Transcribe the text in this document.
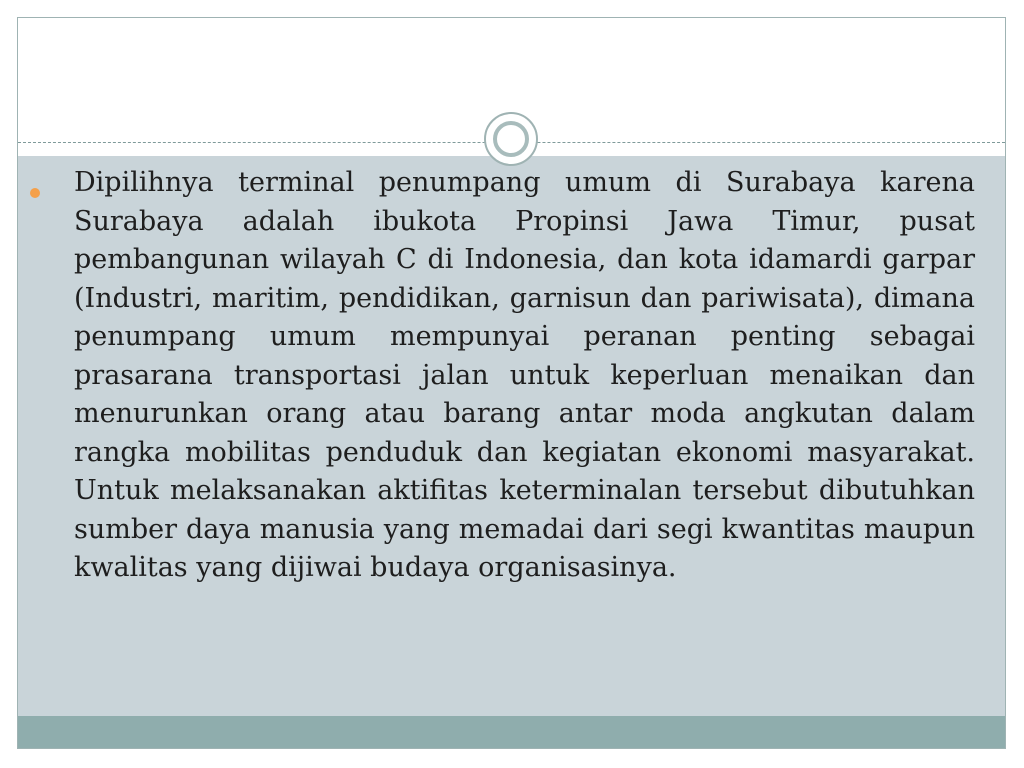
Dipilihnya terminal penumpang umum di Surabaya karena Surabaya adalah ibukota Propinsi Jawa Timur, pusat pembangunan wilayah C di Indonesia, dan kota idamardi garpar (Industri, maritim, pendidikan, garnisun dan pariwisata), dimana penumpang umum mempunyai peranan penting sebagai prasarana transportasi jalan untuk keperluan menaikan dan menurunkan orang atau barang antar moda angkutan dalam rangka mobilitas penduduk dan kegiatan ekonomi masyarakat. Untuk melaksanakan aktifitas keterminalan tersebut dibutuhkan sumber daya manusia yang memadai dari segi kwantitas maupun kwalitas yang dijiwai budaya organisasinya.
